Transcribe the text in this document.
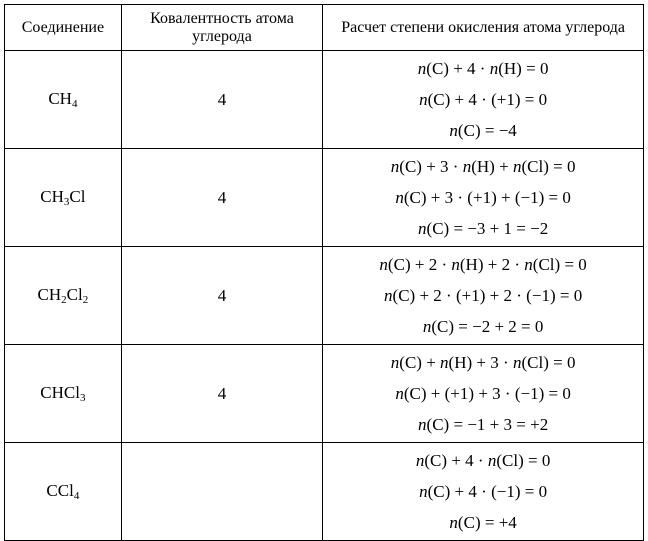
Соединение	Ковалентность атома углерода	Расчет степени окисления атома углерода
$CH_4$	4	n(C) + 4 · n(H) = 0
n(C) + 4 · (+1) = 0
n(C) = −4

$CH_3Cl$	4	n(C) + 3 · n(H) + n(Cl) = 0
n(C) + 3 · (+1) + (−1) = 0
n(C) = −3 + 1 = −2

$CH_2Cl_2$	4	n(C) + 2 · n(H) + 2 · n(Cl) = 0
n(C) + 2 · (+1) + 2 · (−1) = 0
n(C) = −2 + 2 = 0

CHCl$_3$	4	n(C) + n(H) + 3 · n(Cl) = 0
n(C) + (+1) + 3 · (−1) = 0
n(C) = −1 + 3 = +2

CCl$_4$		n(C) + 4 · n(Cl) = 0
n(C) + 4 · (−1) = 0
n(C) = +4
